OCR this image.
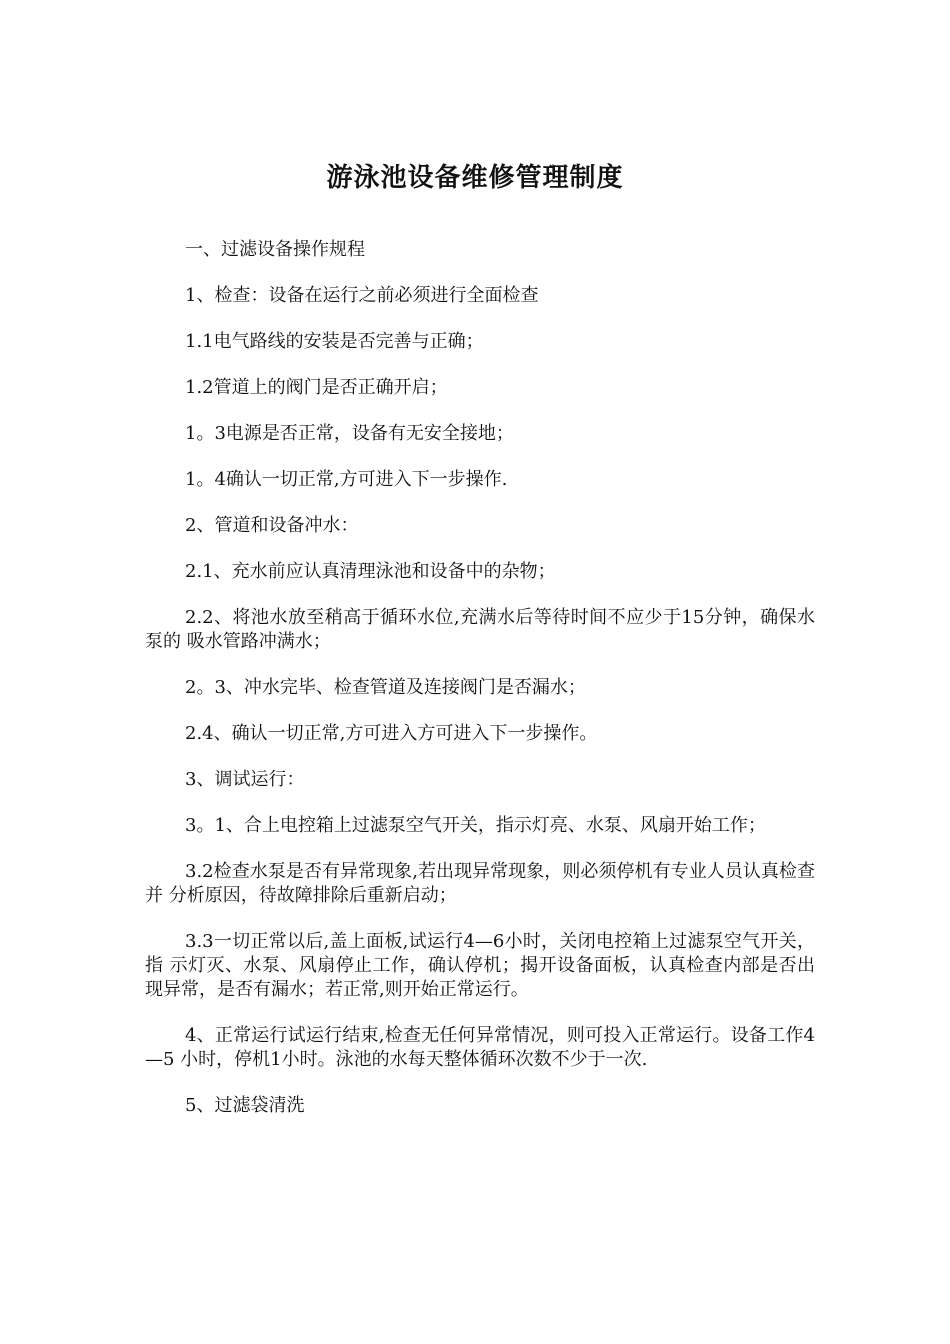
游泳池设备维修管理制度

一、过滤设备操作规程

1、检查：设备在运行之前必须进行全面检查

1.1电气路线的安装是否完善与正确；

1.2管道上的阀门是否正确开启；

1。3电源是否正常，设备有无安全接地；

1。4确认一切正常,方可进入下一步操作.

2、管道和设备冲水：

2.1、充水前应认真清理泳池和设备中的杂物；

2.2、将池水放至稍高于循环水位,充满水后等待时间不应少于15分钟，确保水泵的 吸水管路冲满水；

2。3、冲水完毕、检查管道及连接阀门是否漏水；

2.4、确认一切正常,方可进入方可进入下一步操作。

3、调试运行：

3。1、合上电控箱上过滤泵空气开关，指示灯亮、水泵、风扇开始工作；

3.2检查水泵是否有异常现象,若出现异常现象，则必须停机有专业人员认真检查并 分析原因，待故障排除后重新启动；

3.3一切正常以后,盖上面板,试运行4—6小时，关闭电控箱上过滤泵空气开关，指 示灯灭、水泵、风扇停止工作，确认停机；揭开设备面板，认真检查内部是否出 现异常，是否有漏水；若正常,则开始正常运行。

4、正常运行试运行结束,检查无任何异常情况，则可投入正常运行。设备工作4—5 小时，停机1小时。泳池的水每天整体循环次数不少于一次.

5、过滤袋清洗
